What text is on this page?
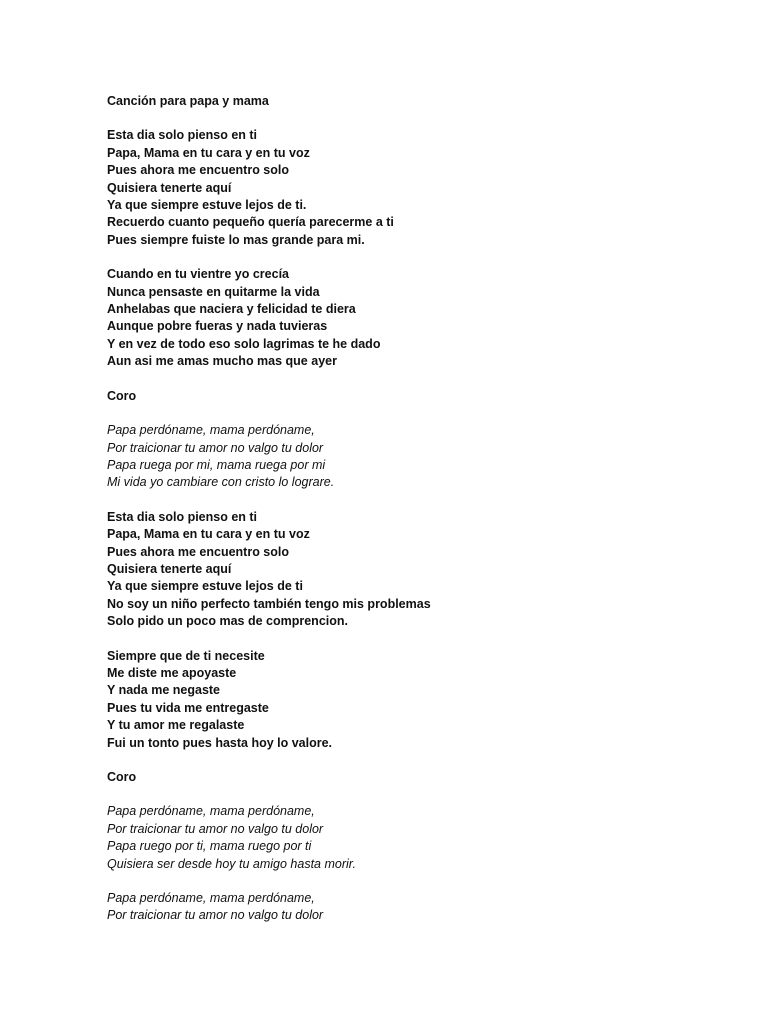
Canción para papa y mama
Esta dia solo pienso en ti
Papa, Mama en tu cara y en tu voz
Pues ahora me encuentro solo
Quisiera tenerte aquí
Ya que siempre estuve lejos de ti.
Recuerdo cuanto pequeño quería parecerme a ti
Pues siempre fuiste lo mas grande para mi.
Cuando en tu vientre yo crecía
Nunca pensaste en quitarme la vida
Anhelabas que naciera y felicidad te diera
Aunque pobre fueras y nada tuvieras
Y en vez de todo eso solo lagrimas te he dado
Aun asi me amas mucho mas que ayer
Coro
Papa perdóname, mama perdóname,
Por traicionar tu amor no valgo tu dolor
Papa ruega por mi, mama ruega por mi
Mi vida yo cambiare con cristo lo lograre.
Esta dia solo pienso en ti
Papa, Mama en tu cara y en tu voz
Pues ahora me encuentro solo
Quisiera tenerte aquí
Ya que siempre estuve lejos de ti
No soy un niño perfecto también tengo mis problemas
Solo pido un poco mas de comprencion.
Siempre que de ti necesite
Me diste me apoyaste
Y nada me negaste
Pues tu vida me entregaste
Y tu amor me regalaste
Fui un tonto pues hasta hoy lo valore.
Coro
Papa perdóname, mama perdóname,
Por traicionar tu amor no valgo tu dolor
Papa ruego por ti, mama ruego por ti
Quisiera ser desde hoy tu amigo hasta morir.
Papa perdóname, mama perdóname,
Por traicionar tu amor no valgo tu dolor
